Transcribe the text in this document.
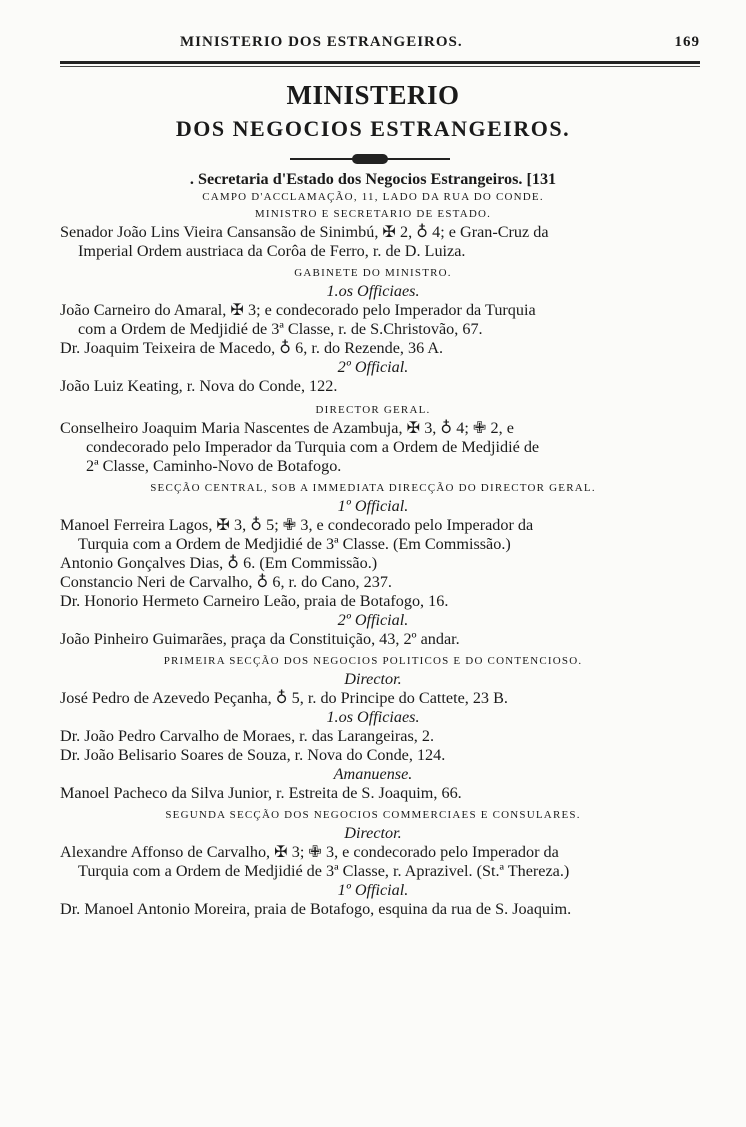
MINISTERIO DOS ESTRANGEIROS.	169
MINISTERIO
DOS NEGOCIOS ESTRANGEIROS.
. Secretaria d'Estado dos Negocios Estrangeiros. [131
CAMPO D'ACCLAMAÇÃO, 11, LADO DA RUA DO CONDE.
MINISTRO E SECRETARIO DE ESTADO.
Senador João Lins Vieira Cansansão de Sinimbú, ✠ 2, ♁ 4; e Gran-Cruz da
Imperial Ordem austriaca da Corôa de Ferro, r. de D. Luiza.
GABINETE DO MINISTRO.
1.os Officiaes.
João Carneiro do Amaral, ✠ 3; e condecorado pelo Imperador da Turquia
com a Ordem de Medjidié de 3ª Classe, r. de S.Christovão, 67.
Dr. Joaquim Teixeira de Macedo, ♁ 6, r. do Rezende, 36 A.
2º Official.
João Luiz Keating, r. Nova do Conde, 122.
DIRECTOR GERAL.
Conselheiro Joaquim Maria Nascentes de Azambuja, ✠ 3, ♁ 4; ✙ 2, e
condecorado pelo Imperador da Turquia com a Ordem de Medjidié de
2ª Classe, Caminho-Novo de Botafogo.
SECÇÃO CENTRAL, SOB A IMMEDIATA DIRECÇÃO DO DIRECTOR GERAL.
1º Official.
Manoel Ferreira Lagos, ✠ 3, ♁ 5; ✙ 3, e condecorado pelo Imperador da
Turquia com a Ordem de Medjidié de 3ª Classe. (Em Commissão.)
Antonio Gonçalves Dias, ♁ 6. (Em Commissão.)
Constancio Neri de Carvalho, ♁ 6, r. do Cano, 237.
Dr. Honorio Hermeto Carneiro Leão, praia de Botafogo, 16.
2º Official.
João Pinheiro Guimarães, praça da Constituição, 43, 2º andar.
PRIMEIRA SECÇÃO DOS NEGOCIOS POLITICOS E DO CONTENCIOSO.
Director.
José Pedro de Azevedo Peçanha, ♁ 5, r. do Principe do Cattete, 23 B.
1.os Officiaes.
Dr. João Pedro Carvalho de Moraes, r. das Larangeiras, 2.
Dr. João Belisario Soares de Souza, r. Nova do Conde, 124.
Amanuense.
Manoel Pacheco da Silva Junior, r. Estreita de S. Joaquim, 66.
SEGUNDA SECÇÃO DOS NEGOCIOS COMMERCIAES E CONSULARES.
Director.
Alexandre Affonso de Carvalho, ✠ 3; ✙ 3, e condecorado pelo Imperador da
Turquia com a Ordem de Medjidié de 3ª Classe, r. Aprazivel. (St.ª Thereza.)
1º Official.
Dr. Manoel Antonio Moreira, praia de Botafogo, esquina da rua de S. Joaquim.
